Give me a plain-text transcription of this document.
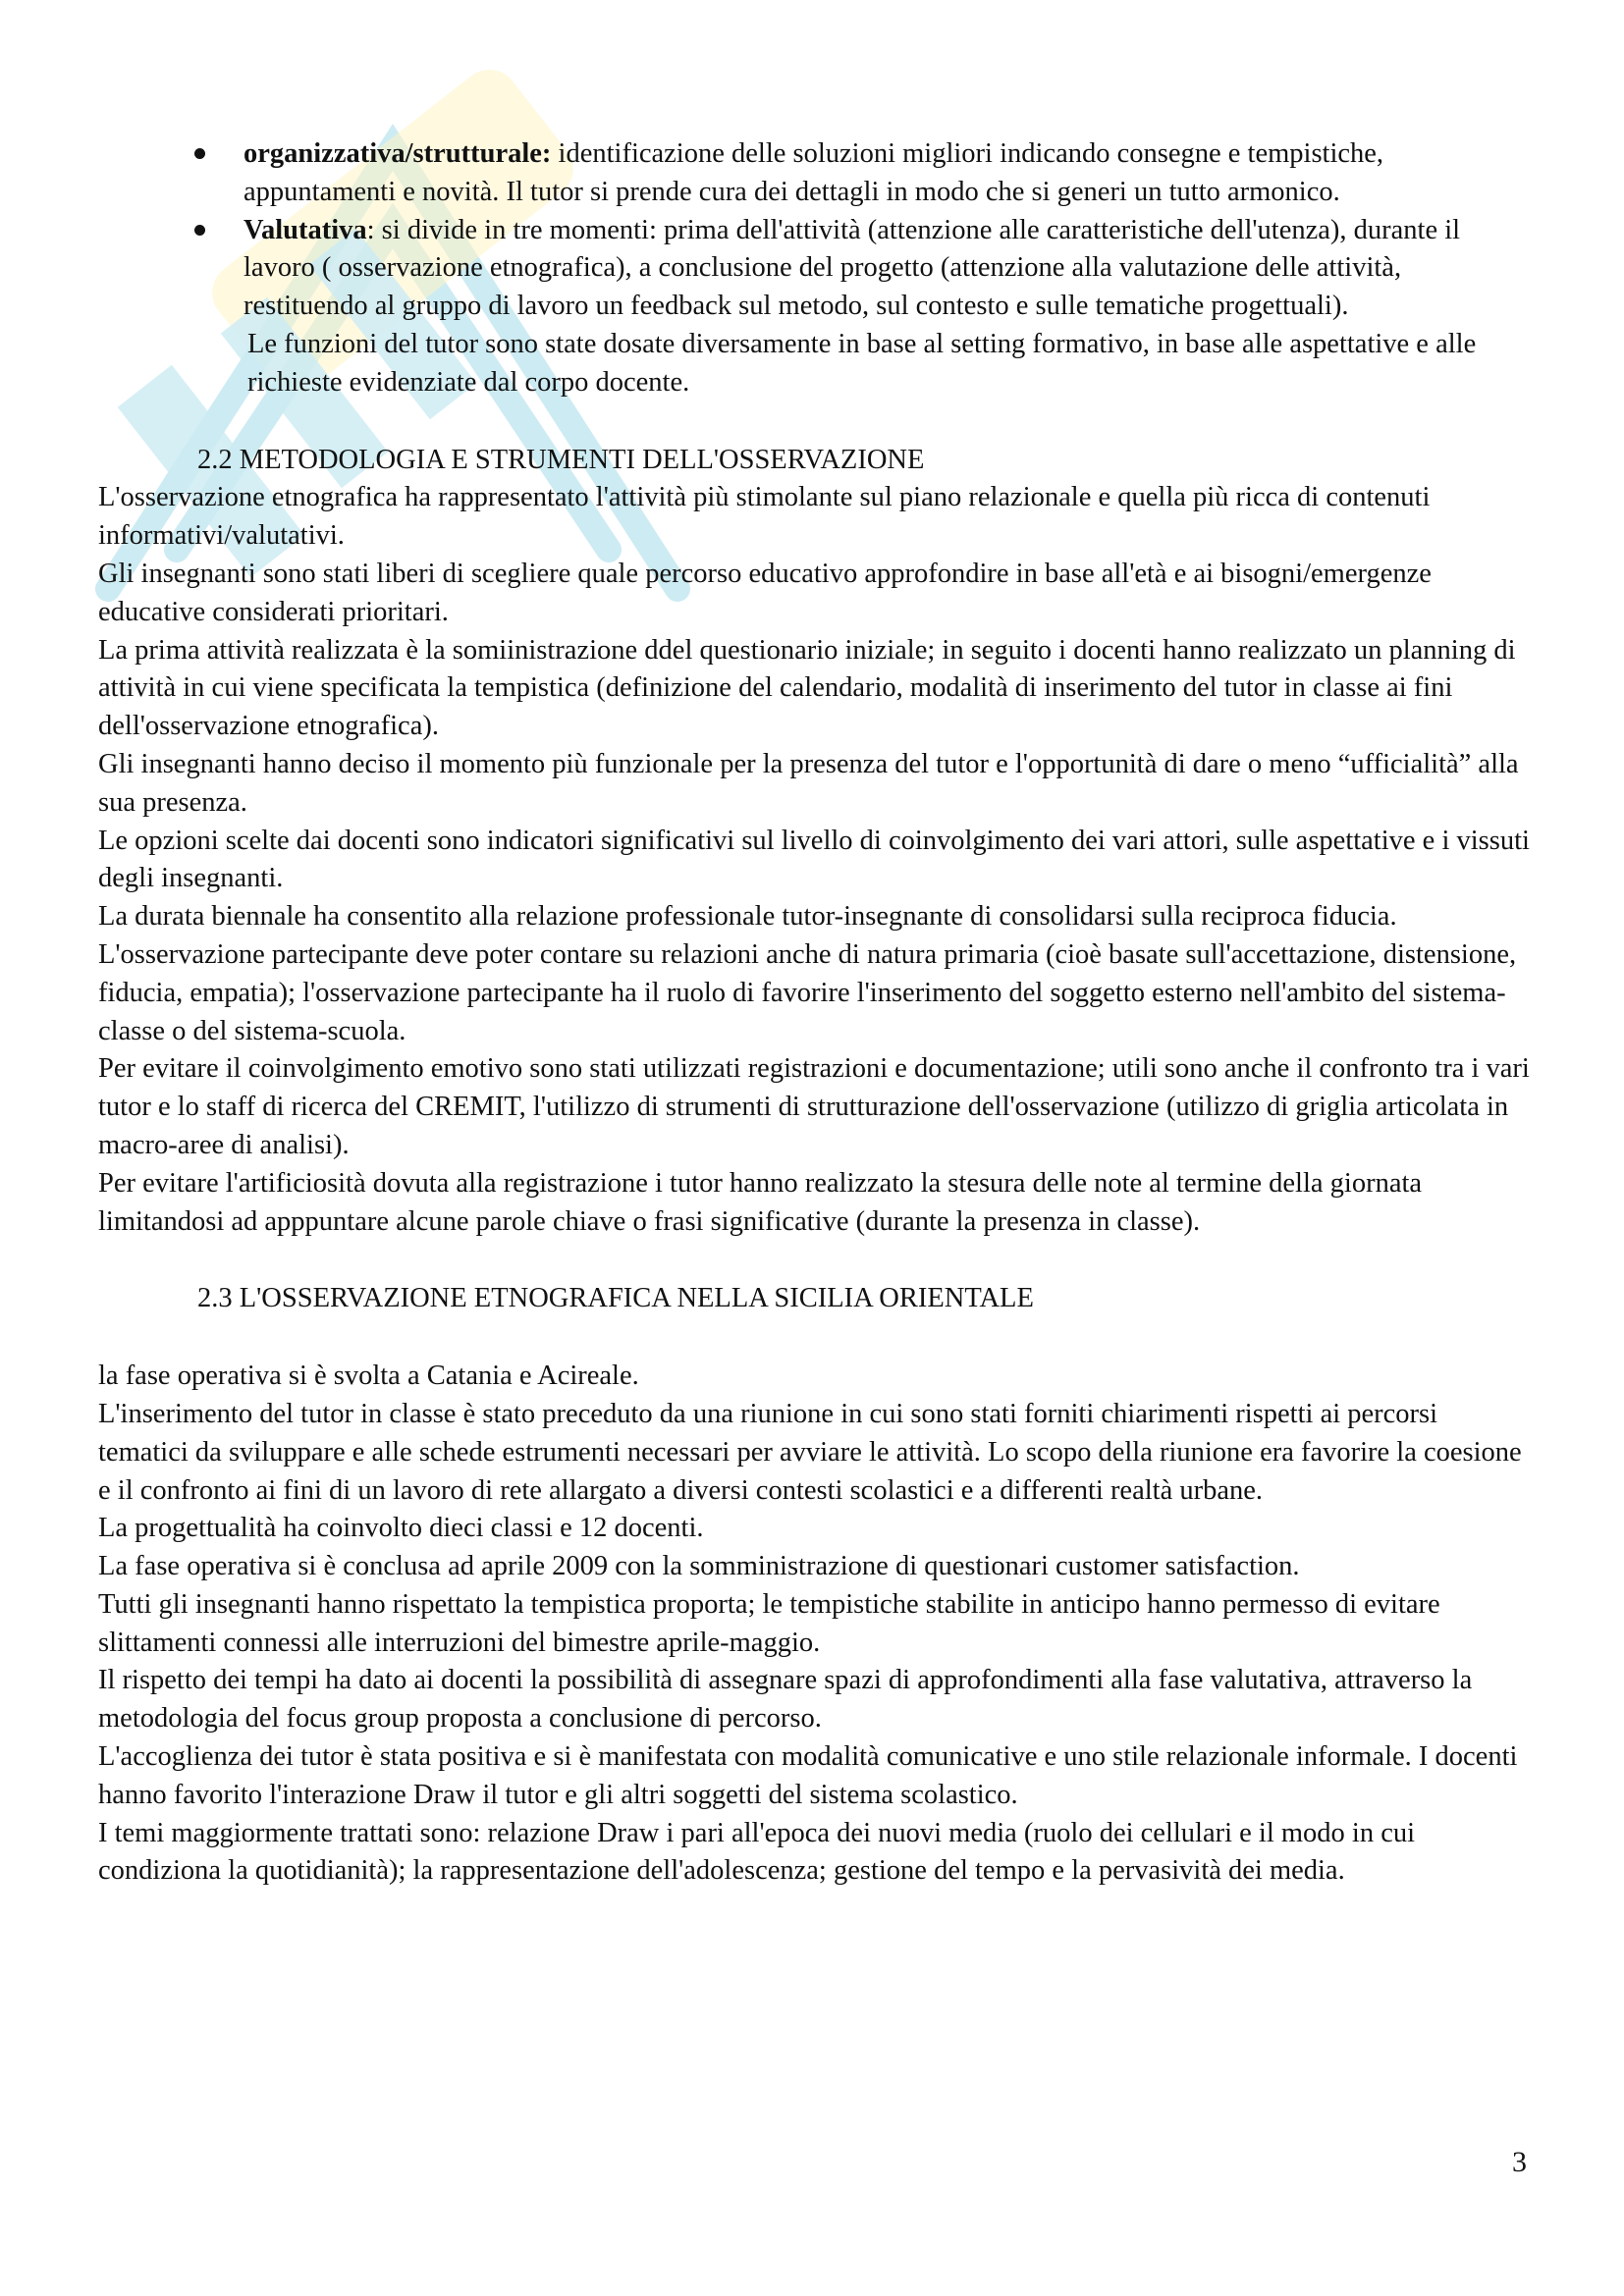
organizzativa/strutturale: identificazione delle soluzioni migliori indicando consegne e tempistiche, appuntamenti e novità. Il tutor si prende cura dei dettagli in modo che si generi un tutto armonico.
Valutativa: si divide in tre momenti: prima dell'attività (attenzione alle caratteristiche dell'utenza), durante il lavoro ( osservazione etnografica), a conclusione del progetto (attenzione alla valutazione delle attività, restituendo al gruppo di lavoro un feedback sul metodo, sul contesto e sulle tematiche progettuali).

Le funzioni del tutor sono state dosate diversamente in base al setting formativo, in base alle aspettative e alle richieste evidenziate dal corpo docente.

2.2 METODOLOGIA E STRUMENTI DELL'OSSERVAZIONE

L'osservazione etnografica ha rappresentato l'attività più stimolante sul piano relazionale e quella più ricca di contenuti informativi/valutativi.

Gli insegnanti sono stati liberi di scegliere quale percorso educativo approfondire in base all'età e ai bisogni/emergenze educative considerati prioritari.

La prima attività realizzata è la somiinistrazione ddel questionario iniziale; in seguito i docenti hanno realizzato un planning di attività in cui viene specificata la tempistica (definizione del calendario, modalità di inserimento del tutor in classe ai fini dell'osservazione etnografica).

Gli insegnanti hanno deciso il momento più funzionale per la presenza del tutor e l'opportunità di dare o meno “ufficialità” alla sua presenza.

Le opzioni scelte dai docenti sono indicatori significativi sul livello di coinvolgimento dei vari attori, sulle aspettative e i vissuti degli insegnanti.

La durata biennale ha consentito alla relazione professionale tutor-insegnante di consolidarsi sulla reciproca fiducia.

L'osservazione partecipante deve poter contare su relazioni anche di natura primaria (cioè basate sull'accettazione, distensione, fiducia, empatia); l'osservazione partecipante ha il ruolo di favorire l'inserimento del soggetto esterno nell'ambito del sistema-classe o del sistema-scuola.

Per evitare il coinvolgimento emotivo sono stati utilizzati registrazioni e documentazione; utili sono anche il confronto tra i vari tutor e lo staff di ricerca del CREMIT, l'utilizzo di strumenti di strutturazione dell'osservazione (utilizzo di griglia articolata in macro-aree di analisi).

Per evitare l'artificiosità dovuta alla registrazione i tutor hanno realizzato la stesura delle note al termine della giornata limitandosi ad apppuntare alcune parole chiave o frasi significative (durante la presenza in classe).

2.3 L'OSSERVAZIONE ETNOGRAFICA NELLA SICILIA ORIENTALE

la fase operativa si è svolta a Catania e Acireale.

L'inserimento del tutor in classe è stato preceduto da una riunione in cui sono stati forniti chiarimenti rispetti ai percorsi tematici da sviluppare e alle schede estrumenti necessari per avviare le attività. Lo scopo della riunione era favorire la coesione e il confronto ai fini di un lavoro di rete allargato a diversi contesti scolastici e a differenti realtà urbane.

La progettualità ha coinvolto dieci classi e 12 docenti.

La fase operativa si è conclusa ad aprile 2009 con la somministrazione di questionari customer satisfaction.

Tutti gli insegnanti hanno rispettato la tempistica proporta; le tempistiche stabilite in anticipo hanno permesso di evitare slittamenti connessi alle interruzioni del bimestre aprile-maggio.

Il rispetto dei tempi ha dato ai docenti la possibilità di assegnare spazi di approfondimenti alla fase valutativa, attraverso la metodologia del focus group proposta a conclusione di percorso.

L'accoglienza dei tutor è stata positiva e si è manifestata con modalità comunicative e uno stile relazionale informale. I docenti hanno favorito l'interazione Draw il tutor e gli altri soggetti del sistema scolastico.

I temi maggiormente trattati sono: relazione Draw i pari all'epoca dei nuovi media (ruolo dei cellulari e il modo in cui condiziona la quotidianità); la rappresentazione dell'adolescenza; gestione del tempo e la pervasività dei media.

3
